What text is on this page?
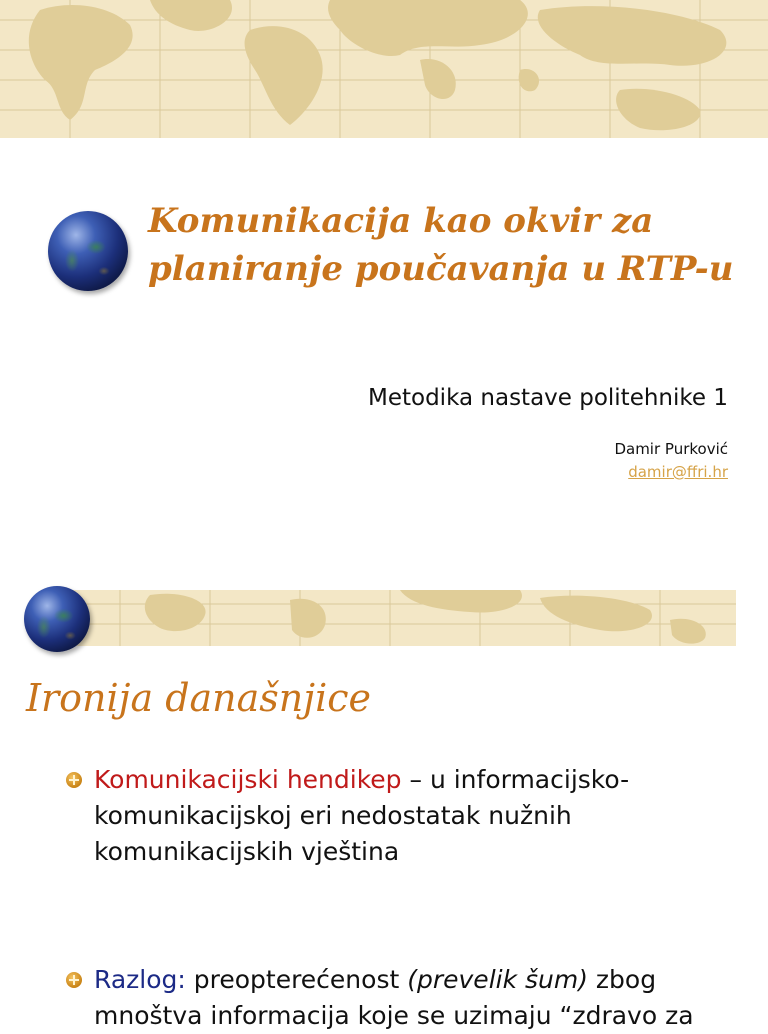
Komunikacija kao okvir za
planiranje poučavanja u RTP-u
Metodika nastave politehnike 1
Damir Purković
damir@ffri.hr
Ironija današnjice
Komunikacijski hendikep – u informacijsko-komunikacijskoj eri nedostatak nužnih komunikacijskih vještina
Razlog: preopterećenost (prevelik šum) zbog mnoštva informacija koje se uzimaju “zdravo za
